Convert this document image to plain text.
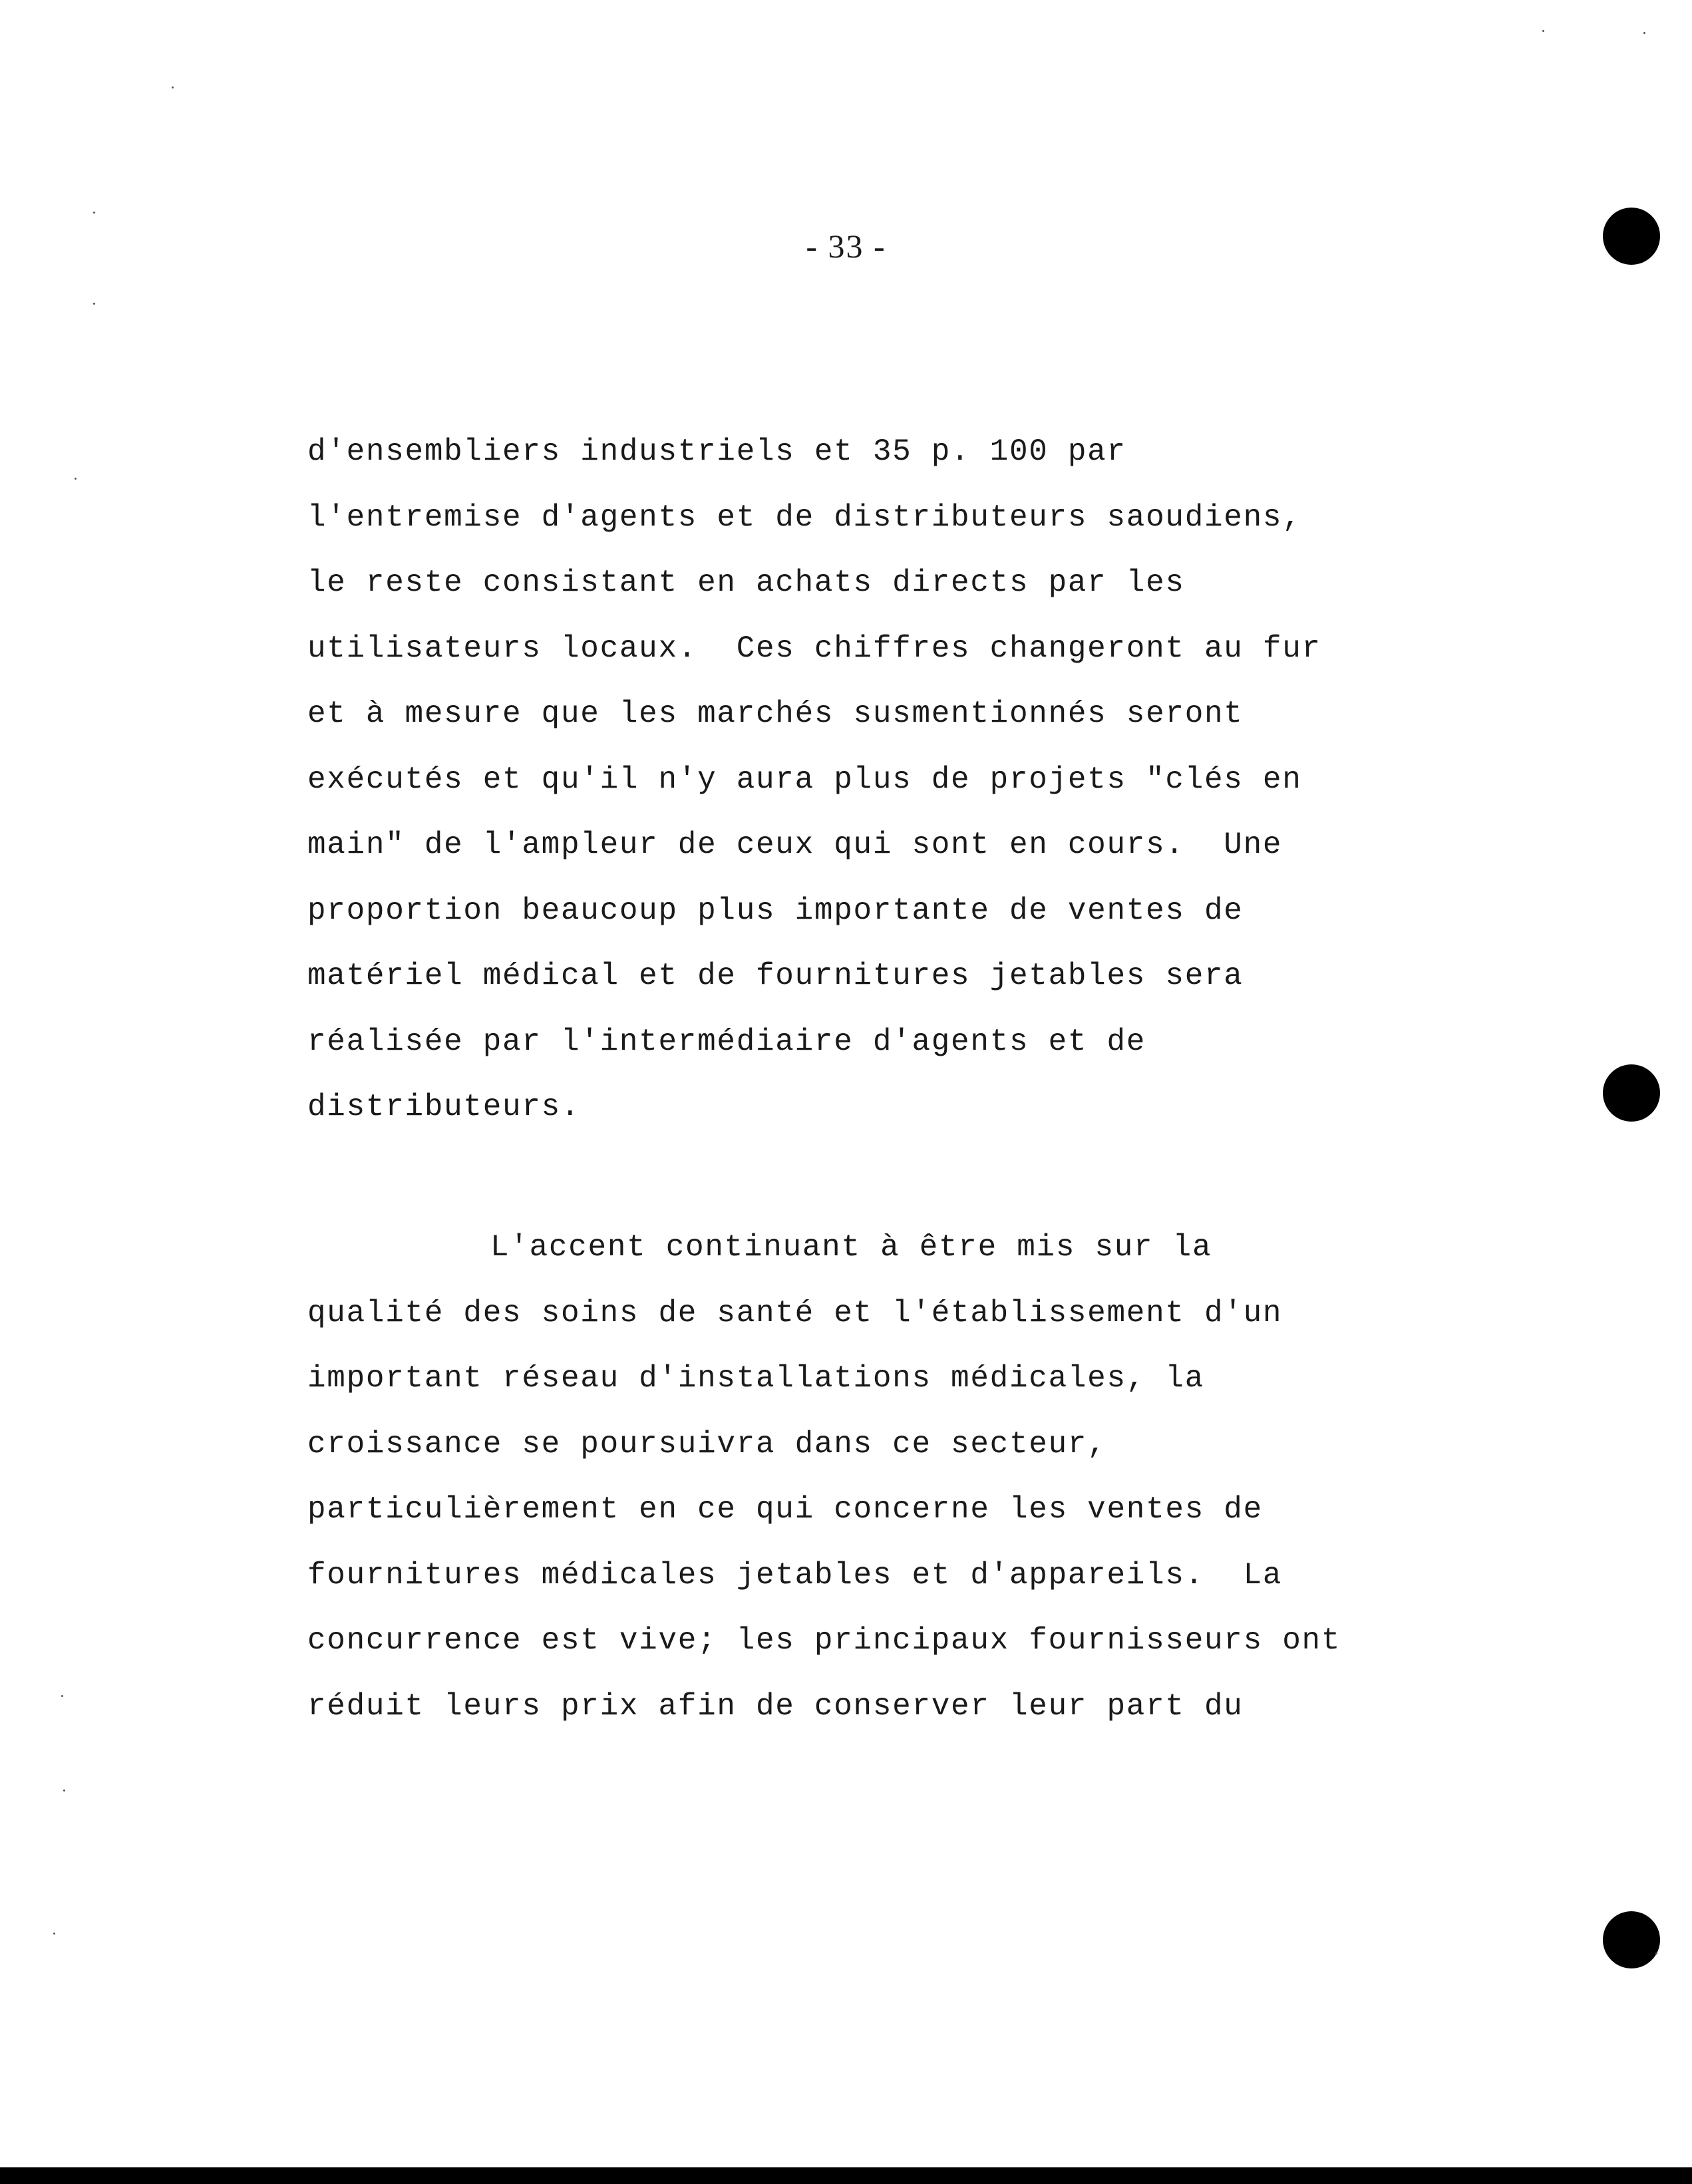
- 33 -
d'ensembliers industriels et 35 p. 100 par
l'entremise d'agents et de distributeurs saoudiens,
le reste consistant en achats directs par les
utilisateurs locaux.  Ces chiffres changeront au fur
et à mesure que les marchés susmentionnés seront
exécutés et qu'il n'y aura plus de projets "clés en
main" de l'ampleur de ceux qui sont en cours.  Une
proportion beaucoup plus importante de ventes de
matériel médical et de fournitures jetables sera
réalisée par l'intermédiaire d'agents et de
distributeurs.
L'accent continuant à être mis sur la
qualité des soins de santé et l'établissement d'un
important réseau d'installations médicales, la
croissance se poursuivra dans ce secteur,
particulièrement en ce qui concerne les ventes de
fournitures médicales jetables et d'appareils.  La
concurrence est vive; les principaux fournisseurs ont
réduit leurs prix afin de conserver leur part du
